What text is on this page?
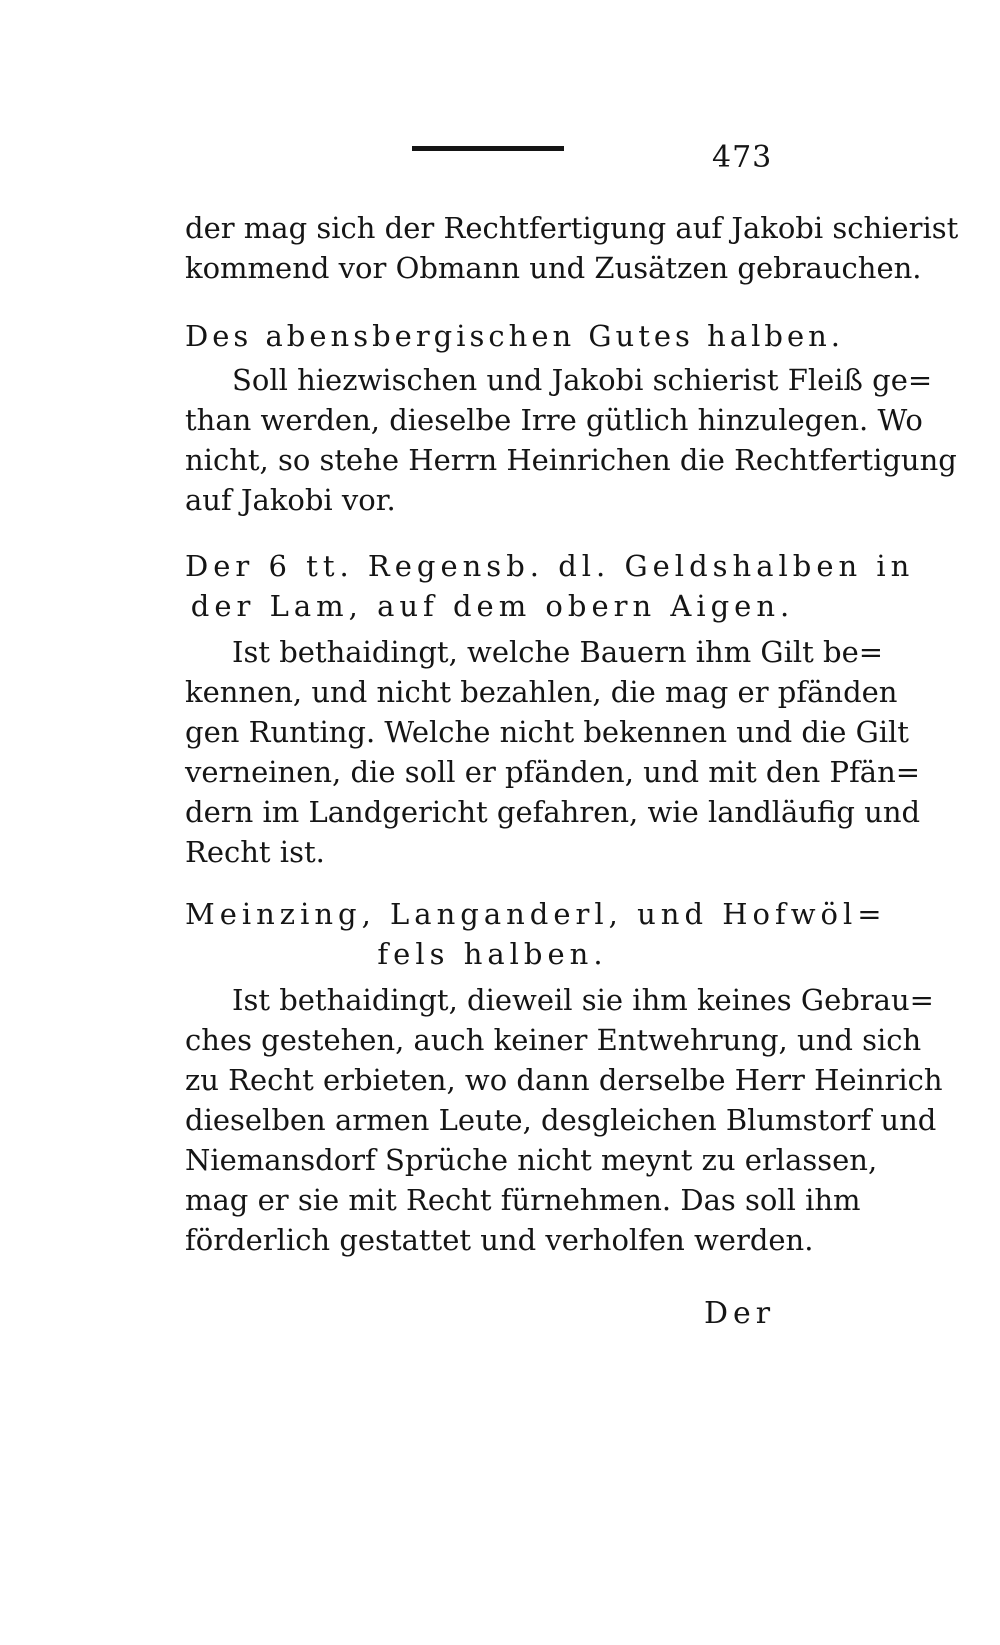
473
der mag sich der Rechtfertigung auf Jakobi schierist
kommend vor Obmann und Zusätzen gebrauchen.
Des abensbergischen Gutes halben.
Soll hiezwischen und Jakobi schierist Fleiß ge=
than werden, dieselbe Irre gütlich hinzulegen. Wo
nicht, so stehe Herrn Heinrichen die Rechtfertigung
auf Jakobi vor.
Der 6 tt. Regensb. dl. Geldshalben in
der Lam, auf dem obern Aigen.
Ist bethaidingt, welche Bauern ihm Gilt be=
kennen, und nicht bezahlen, die mag er pfänden
gen Runting. Welche nicht bekennen und die Gilt
verneinen, die soll er pfänden, und mit den Pfän=
dern im Landgericht gefahren, wie landläufig und
Recht ist.
Meinzing, Langanderl, und Hofwöl=
fels halben.
Ist bethaidingt, dieweil sie ihm keines Gebrau=
ches gestehen, auch keiner Entwehrung, und sich
zu Recht erbieten, wo dann derselbe Herr Heinrich
dieselben armen Leute, desgleichen Blumstorf und
Niemansdorf Sprüche nicht meynt zu erlassen,
mag er sie mit Recht fürnehmen. Das soll ihm
förderlich gestattet und verholfen werden.
Der
